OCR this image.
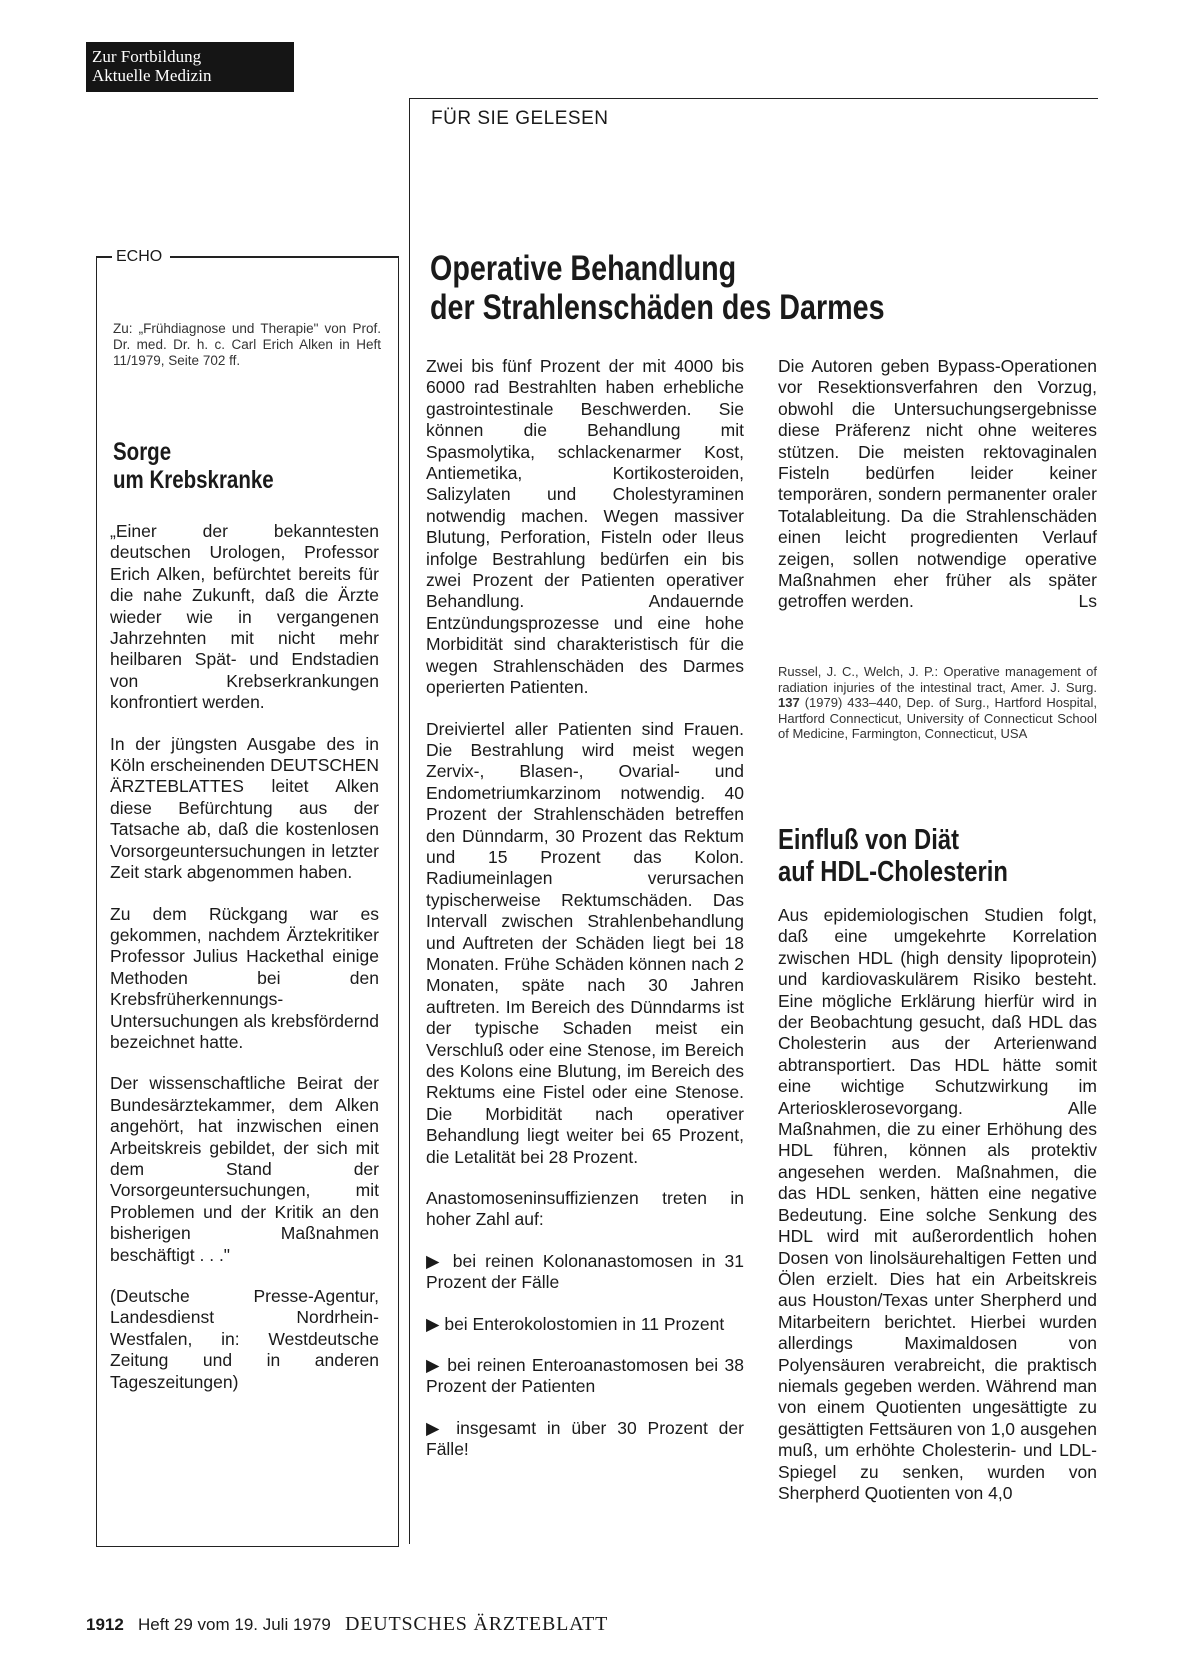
Zur Fortbildung
Aktuelle Medizin
FÜR SIE GELESEN
ECHO
Zu: „Frühdiagnose und Therapie" von Prof. Dr. med. Dr. h. c. Carl Erich Alken in Heft 11/1979, Seite 702 ff.
Sorge
um Krebskranke

„Einer der bekanntesten deutschen Urologen, Professor Erich Alken, befürchtet bereits für die nahe Zukunft, daß die Ärzte wieder wie in vergangenen Jahrzehnten mit nicht mehr heilbaren Spät- und Endstadien von Krebserkrankungen konfrontiert werden.

In der jüngsten Ausgabe des in Köln erscheinenden DEUTSCHEN ÄRZTEBLATTES leitet Alken diese Befürchtung aus der Tatsache ab, daß die kostenlosen Vorsorgeuntersuchungen in letzter Zeit stark abgenommen haben.

Zu dem Rückgang war es gekommen, nachdem Ärztekritiker Professor Julius Hackethal einige Methoden bei den Krebsfrüherkennungs-Untersuchungen als krebsfördernd bezeichnet hatte.

Der wissenschaftliche Beirat der Bundesärztekammer, dem Alken angehört, hat inzwischen einen Arbeitskreis gebildet, der sich mit dem Stand der Vorsorgeuntersuchungen, mit Problemen und der Kritik an den bisherigen Maßnahmen beschäftigt . . ."

(Deutsche Presse-Agentur, Landesdienst Nordrhein-Westfalen, in: Westdeutsche Zeitung und in anderen Tageszeitungen)

Operative Behandlung
der Strahlenschäden des Darmes

Zwei bis fünf Prozent der mit 4000 bis 6000 rad Bestrahlten haben erhebliche gastrointestinale Beschwerden. Sie können die Behandlung mit Spasmolytika, schlackenarmer Kost, Antiemetika, Kortikosteroiden, Salizylaten und Cholestyraminen notwendig machen. Wegen massiver Blutung, Perforation, Fisteln oder Ileus infolge Bestrahlung bedürfen ein bis zwei Prozent der Patienten operativer Behandlung. Andauernde Entzündungsprozesse und eine hohe Morbidität sind charakteristisch für die wegen Strahlenschäden des Darmes operierten Patienten.

Dreiviertel aller Patienten sind Frauen. Die Bestrahlung wird meist wegen Zervix-, Blasen-, Ovarial- und Endometriumkarzinom notwendig. 40 Prozent der Strahlenschäden betreffen den Dünndarm, 30 Prozent das Rektum und 15 Prozent das Kolon. Radiumeinlagen verursachen typischerweise Rektumschäden. Das Intervall zwischen Strahlenbehandlung und Auftreten der Schäden liegt bei 18 Monaten. Frühe Schäden können nach 2 Monaten, späte nach 30 Jahren auftreten. Im Bereich des Dünndarms ist der typische Schaden meist ein Verschluß oder eine Stenose, im Bereich des Kolons eine Blutung, im Bereich des Rektums eine Fistel oder eine Stenose. Die Morbidität nach operativer Behandlung liegt weiter bei 65 Prozent, die Letalität bei 28 Prozent.

Anastomoseninsuffizienzen treten in hoher Zahl auf:

▶ bei reinen Kolonanastomosen in 31 Prozent der Fälle
▶ bei Enterokolostomien in 11 Prozent
▶ bei reinen Enteroanastomosen bei 38 Prozent der Patienten
▶ insgesamt in über 30 Prozent der Fälle!

Die Autoren geben Bypass-Operationen vor Resektionsverfahren den Vorzug, obwohl die Untersuchungsergebnisse diese Präferenz nicht ohne weiteres stützen. Die meisten rektovaginalen Fisteln bedürfen leider keiner temporären, sondern permanenter oraler Totalableitung. Da die Strahlenschäden einen leicht progredienten Verlauf zeigen, sollen notwendige operative Maßnahmen eher früher als später getroffen werden.	Ls

Russel, J. C., Welch, J. P.: Operative management of radiation injuries of the intestinal tract, Amer. J. Surg. 137 (1979) 433–440, Dep. of Surg., Hartford Hospital, Hartford Connecticut, University of Connecticut School of Medicine, Farmington, Connecticut, USA
Einfluß von Diät
auf HDL-Cholesterin
Aus epidemiologischen Studien folgt, daß eine umgekehrte Korrelation zwischen HDL (high density lipoprotein) und kardiovaskulärem Risiko besteht. Eine mögliche Erklärung hierfür wird in der Beobachtung gesucht, daß HDL das Cholesterin aus der Arterienwand abtransportiert. Das HDL hätte somit eine wichtige Schutzwirkung im Arteriosklerosevorgang. Alle Maßnahmen, die zu einer Erhöhung des HDL führen, können als protektiv angesehen werden. Maßnahmen, die das HDL senken, hätten eine negative Bedeutung. Eine solche Senkung des HDL wird mit außerordentlich hohen Dosen von linolsäurehaltigen Fetten und Ölen erzielt. Dies hat ein Arbeitskreis aus Houston/Texas unter Sherpherd und Mitarbeitern berichtet. Hierbei wurden allerdings Maximaldosen von Polyensäuren verabreicht, die praktisch niemals gegeben werden. Während man von einem Quotienten ungesättigte zu gesättigten Fettsäuren von 1,0 ausgehen muß, um erhöhte Cholesterin- und LDL-Spiegel zu senken, wurden von Sherpherd Quotienten von 4,0
1912 Heft 29 vom 19. Juli 1979 DEUTSCHES ÄRZTEBLATT
